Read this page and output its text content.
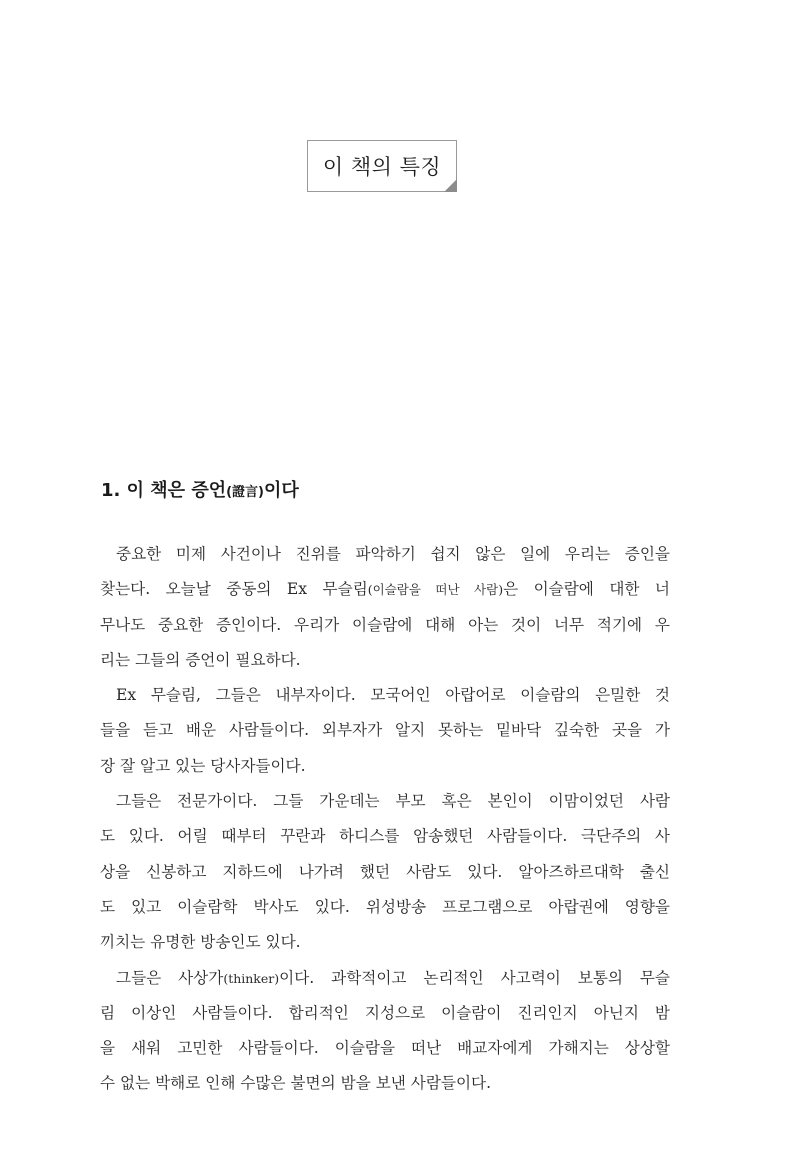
이 책의 특징
1. 이 책은 증언(證言)이다
중요한 미제 사건이나 진위를 파악하기 쉽지 않은 일에 우리는 증인을
찾는다. 오늘날 중동의 Ex 무슬림(이슬람을 떠난 사람)은 이슬람에 대한 너
무나도 중요한 증인이다. 우리가 이슬람에 대해 아는 것이 너무 적기에 우
리는 그들의 증언이 필요하다.
Ex 무슬림, 그들은 내부자이다. 모국어인 아랍어로 이슬람의 은밀한 것
들을 듣고 배운 사람들이다. 외부자가 알지 못하는 밑바닥 깊숙한 곳을 가
장 잘 알고 있는 당사자들이다.
그들은 전문가이다. 그들 가운데는 부모 혹은 본인이 이맘이었던 사람
도 있다. 어릴 때부터 꾸란과 하디스를 암송했던 사람들이다. 극단주의 사
상을 신봉하고 지하드에 나가려 했던 사람도 있다. 알아즈하르대학 출신
도 있고 이슬람학 박사도 있다. 위성방송 프로그램으로 아랍권에 영향을
끼치는 유명한 방송인도 있다.
그들은 사상가(thinker)이다. 과학적이고 논리적인 사고력이 보통의 무슬
림 이상인 사람들이다. 합리적인 지성으로 이슬람이 진리인지 아닌지 밤
을 새워 고민한 사람들이다. 이슬람을 떠난 배교자에게 가해지는 상상할
수 없는 박해로 인해 수많은 불면의 밤을 보낸 사람들이다.
